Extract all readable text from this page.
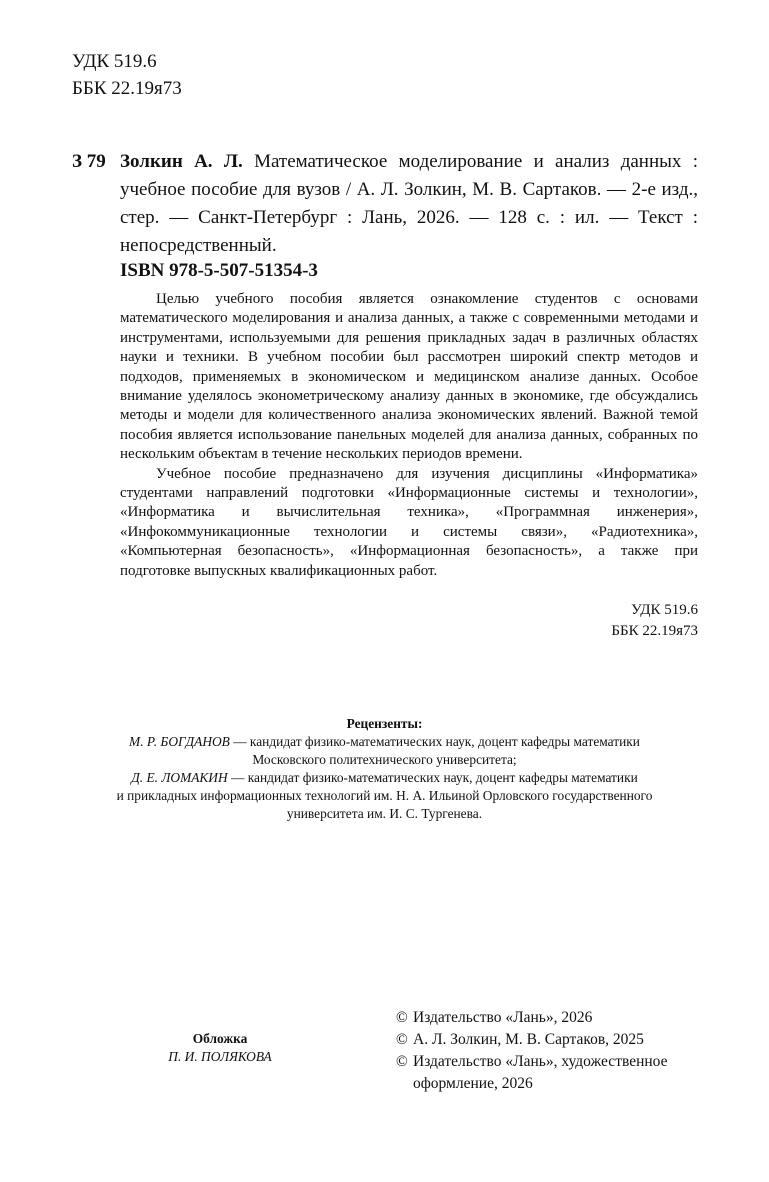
УДК 519.6
ББК 22.19я73
З 79 Золкин А. Л. Математическое моделирование и анализ данных : учебное пособие для вузов / А. Л. Золкин, М. В. Сартаков. — 2-е изд., стер. — Санкт-Петербург : Лань, 2026. — 128 с. : ил. — Текст : непосредственный.
ISBN 978-5-507-51354-3

Целью учебного пособия является ознакомление студентов с основами математического моделирования и анализа данных, а также с современными методами и инструментами, используемыми для решения прикладных задач в различных областях науки и техники. В учебном пособии был рассмотрен широкий спектр методов и подходов, применяемых в экономическом и медицинском анализе данных. Особое внимание уделялось эконометрическому анализу данных в экономике, где обсуждались методы и модели для количественного анализа экономических явлений. Важной темой пособия является использование панельных моделей для анализа данных, собранных по нескольким объектам в течение нескольких периодов времени.

Учебное пособие предназначено для изучения дисциплины «Информатика» студентами направлений подготовки «Информационные системы и технологии», «Информатика и вычислительная техника», «Программная инженерия», «Инфокоммуникационные технологии и системы связи», «Радиотехника», «Компьютерная безопасность», «Информационная безопасность», а также при подготовке выпускных квалификационных работ.

УДК 519.6
ББК 22.19я73
Рецензенты:
М. Р. БОГДАНОВ — кандидат физико-математических наук, доцент кафедры математики
Московского политехнического университета;
Д. Е. ЛОМАКИН — кандидат физико-математических наук, доцент кафедры математики
и прикладных информационных технологий им. Н. А. Ильиной Орловского государственного
университета им. И. С. Тургенева.
Обложка
П. И. ПОЛЯКОВА
© Издательство «Лань», 2026
© А. Л. Золкин, М. В. Сартаков, 2025
© Издательство «Лань», художественное оформление, 2026
